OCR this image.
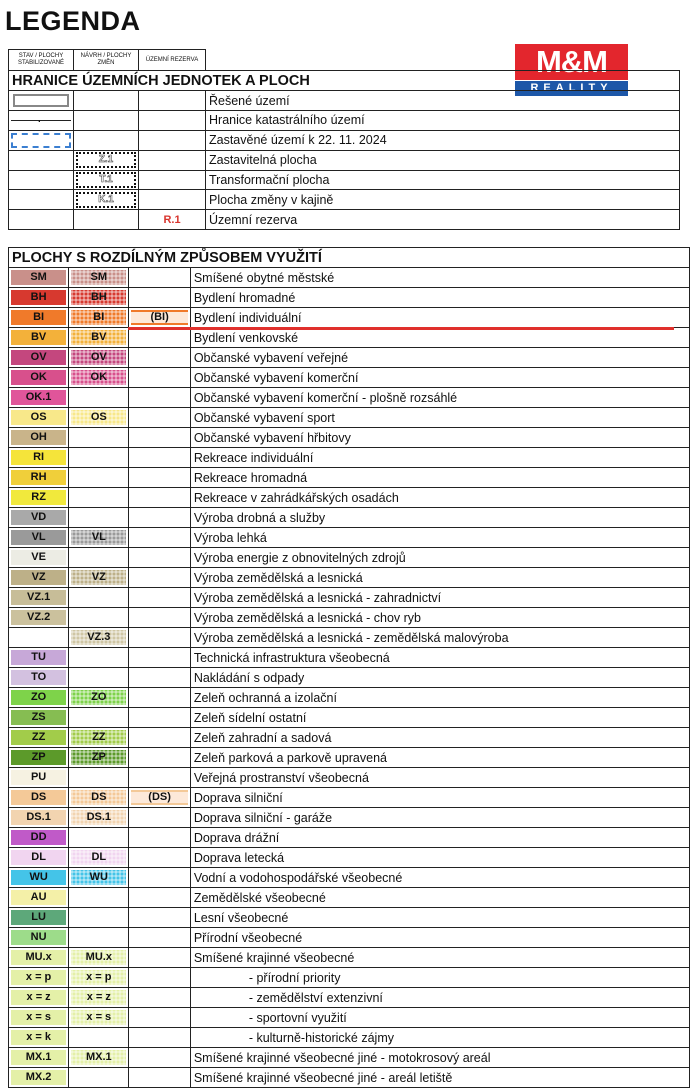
LEGENDA
M&M
REALITY
STAV / PLOCHY STABILIZOVANÉ	NÁVRH / PLOCHY ZMĚN	ÚZEMNÍ REZERVA	
HRANICE ÚZEMNÍCH JEDNOTEK A PLOCH			

			Řešené území

·
			Hranice katastrálního území

			Zastavěné území k 22. 11. 2024

	Z.1		Zastavitelná plocha

	T.1		Transformační plocha

	K.1		Plocha změny v kajině
		R.1	Územní rezerva
PLOCHY S ROZDÍLNÝM ZPŮSOBEM VYUŽITÍ			

SM	SM		Smíšené obytné městské

BH	BH		Bydlení hromadné

BI	BI	(BI)	Bydlení individuální

BV	BV		Bydlení venkovské

OV	OV		Občanské vybavení veřejné

OK	OK		Občanské vybavení komerční

OK.1			Občanské vybavení komerční - plošně rozsáhlé

OS	OS		Občanské vybavení sport

OH			Občanské vybavení hřbitovy

RI			Rekreace individuální

RH			Rekreace hromadná

RZ			Rekreace v zahrádkářských osadách

VD			Výroba drobná a služby

VL	VL		Výroba lehká

VE			Výroba energie z obnovitelných zdrojů

VZ	VZ		Výroba zemědělská a lesnická

VZ.1			Výroba zemědělská a lesnická - zahradnictví

VZ.2			Výroba zemědělská a lesnická - chov ryb

	VZ.3		Výroba zemědělská a lesnická - zemědělská malovýroba

TU			Technická infrastruktura všeobecná

TO			Nakládání s odpady

ZO	ZO		Zeleň ochranná a izolační

ZS			Zeleň sídelní ostatní

ZZ	ZZ		Zeleň zahradní a sadová

ZP	ZP		Zeleň parková a parkově upravená

PU			Veřejná prostranství všeobecná

DS	DS	(DS)	Doprava silniční

DS.1	DS.1		Doprava silniční - garáže

DD			Doprava drážní

DL	DL		Doprava letecká

WU	WU		Vodní a vodohospodářské všeobecné

AU			Zemědělské všeobecné

LU			Lesní všeobecné

NU			Přírodní všeobecné

MU.x	MU.x		Smíšené krajinné všeobecné

x = p	x = p		- přírodní priority

x = z	x = z		- zemědělství extenzivní

x = s	x = s		- sportovní využití

x = k			- kulturně-historické zájmy

MX.1	MX.1		Smíšené krajinné všeobecné jiné - motokrosový areál

MX.2			Smíšené krajinné všeobecné jiné - areál letiště
